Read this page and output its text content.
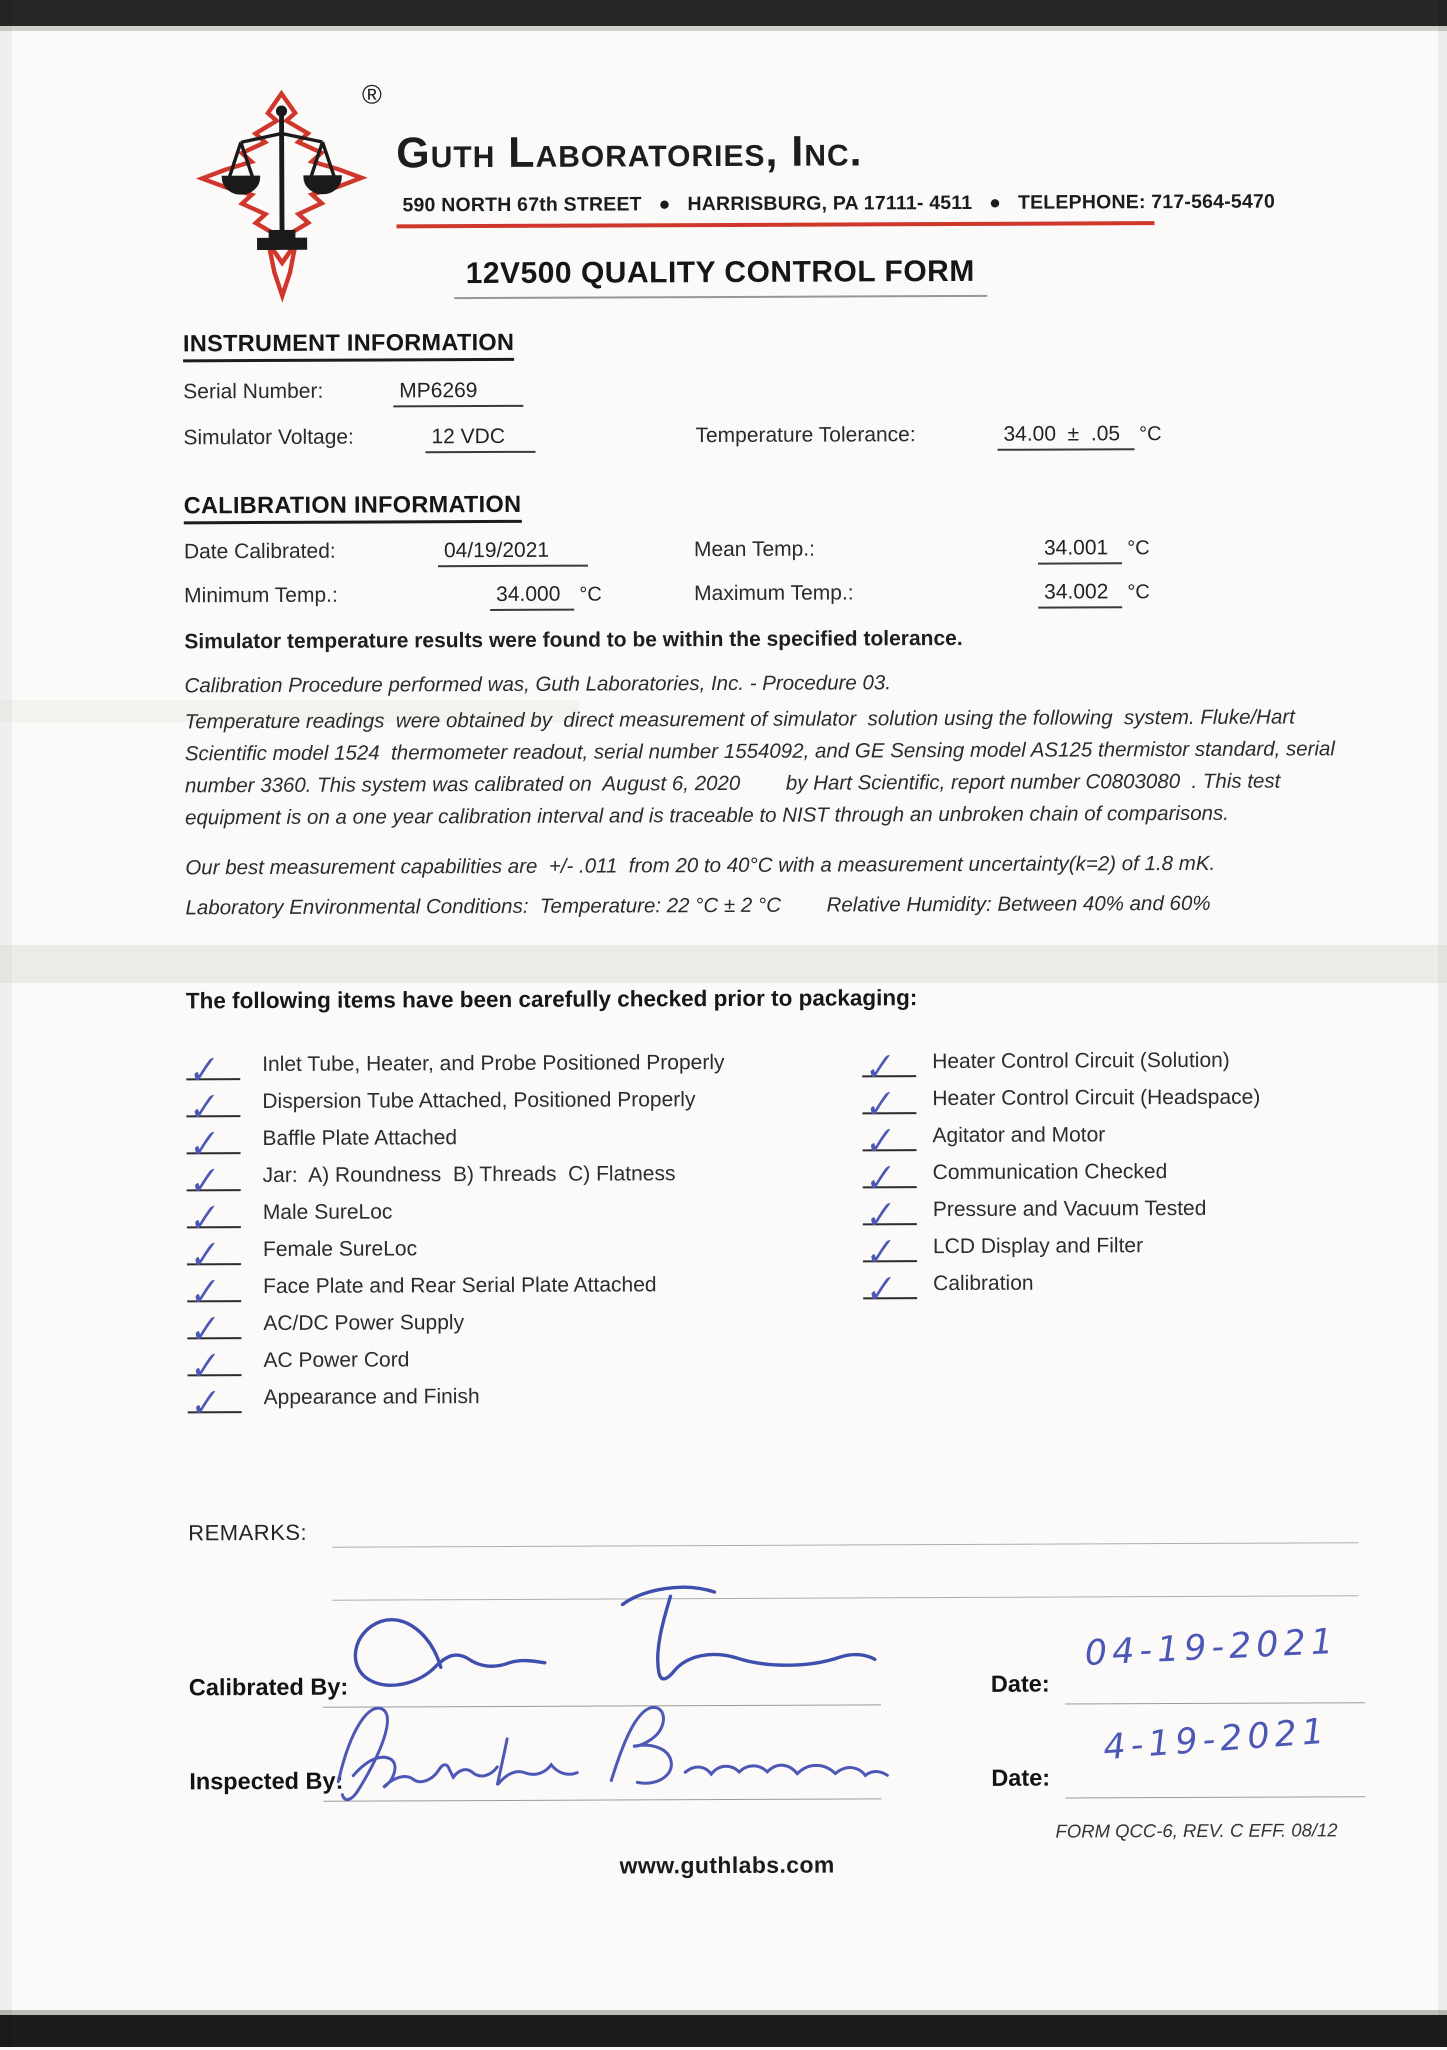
®
Guth Laboratories, Inc.
590 NORTH 67th STREET   ●   HARRISBURG, PA 17111- 4511   ●   TELEPHONE: 717-564-5470
12V500 QUALITY CONTROL FORM
INSTRUMENT INFORMATION
Serial Number:	MP6269
Simulator Voltage:	12 VDC	Temperature Tolerance:	34.00  ±  .05 °C
CALIBRATION INFORMATION
Date Calibrated:	04/19/2021	Mean Temp.:	34.001 °C
Minimum Temp.:	34.000 °C	Maximum Temp.:	34.002 °C
Simulator temperature results were found to be within the specified tolerance.
Calibration Procedure performed was, Guth Laboratories, Inc. - Procedure 03.
Temperature readings  were obtained by  direct measurement of simulator  solution using the following  system. Fluke/Hart Scientific model 1524  thermometer readout, serial number 1554092, and GE Sensing model AS125 thermistor standard, serial number 3360. This system was calibrated on  August 6, 2020        by Hart Scientific, report number C0803080  . This test equipment is on a one year calibration interval and is traceable to NIST through an unbroken chain of comparisons.
Our best measurement capabilities are  +/- .011  from 20 to 40°C with a measurement uncertainty(k=2) of 1.8 mK.
Laboratory Environmental Conditions:  Temperature: 22 °C ± 2 °C        Relative Humidity: Between 40% and 60%
The following items have been carefully checked prior to packaging:
✓ Inlet Tube, Heater, and Probe Positioned Properly
✓ Dispersion Tube Attached, Positioned Properly
✓ Baffle Plate Attached
✓ Jar:  A) Roundness  B) Threads  C) Flatness
✓ Male SureLoc
✓ Female SureLoc
✓ Face Plate and Rear Serial Plate Attached
✓ AC/DC Power Supply
✓ AC Power Cord
✓ Appearance and Finish
✓ Heater Control Circuit (Solution)
✓ Heater Control Circuit (Headspace)
✓ Agitator and Motor
✓ Communication Checked
✓ Pressure and Vacuum Tested
✓ LCD Display and Filter
✓ Calibration
REMARKS:
Calibrated By:	Date:
04-19-2021
Inspected By:	Date:
4-19-2021
FORM QCC-6, REV. C EFF. 08/12
www.guthlabs.com
